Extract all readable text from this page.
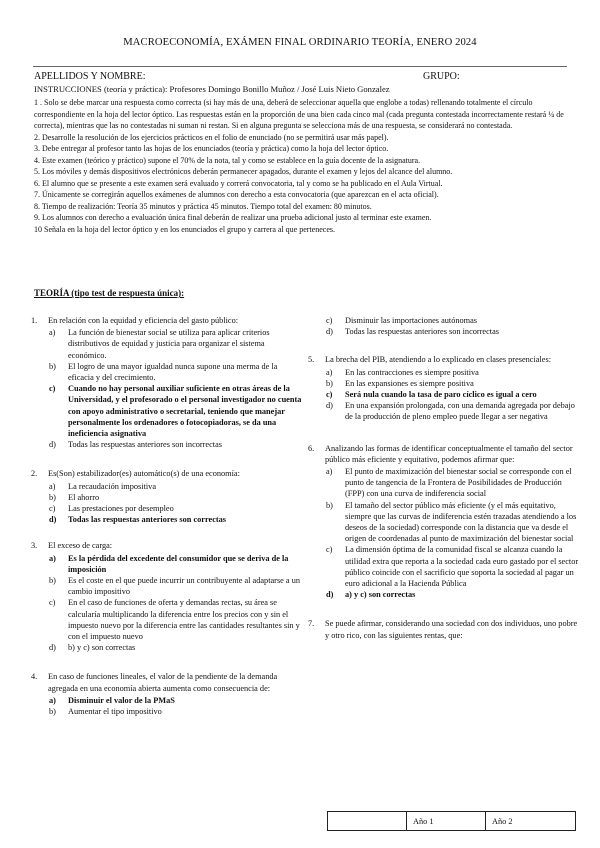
MACROECONOMÍA, EXÁMEN FINAL ORDINARIO TEORÍA, ENERO 2024
APELLIDOS Y NOMBRE:	GRUPO:
INSTRUCCIONES (teoría y práctica): Profesores Domingo Bonillo Muñoz / José Luis Nieto Gonzalez

1 . Solo se debe marcar una respuesta como correcta (si hay más de una, deberá de seleccionar aquella que englobe a todas) rellenando totalmente el círculo correspondiente en la hoja del lector óptico. Las respuestas están en la proporción de una bien cada cinco mal (cada pregunta contestada incorrectamente restará ¼ de correcta), mientras que las no contestadas ni suman ni restan. Si en alguna pregunta se selecciona más de una respuesta, se considerará no contestada.

2. Desarrolle la resolución de los ejercicios prácticos en el folio de enunciado (no se permitirá usar más papel).

3. Debe entregar al profesor tanto las hojas de los enunciados (teoría y práctica) como la hoja del lector óptico.

4. Este examen (teórico y práctico) supone el 70% de la nota, tal y como se establece en la guía docente de la asignatura.

5. Los móviles y demás dispositivos electrónicos deberán permanecer apagados, durante el examen y lejos del alcance del alumno.

6. El alumno que se presente a este examen será evaluado y correrá convocatoria, tal y como se ha publicado en el Aula Virtual.

7. Únicamente se corregirán aquellos exámenes de alumnos con derecho a esta convocatoria (que aparezcan en el acta oficial).

8. Tiempo de realización: Teoría 35 minutos y práctica 45 minutos. Tiempo total del examen: 80 minutos.

9. Los alumnos con derecho a evaluación única final deberán de realizar una prueba adicional justo al terminar este examen.

10 Señala en la hoja del lector óptico y en los enunciados el grupo y carrera al que perteneces.

TEORÍA (tipo test de respuesta única):
1. En relación con la equidad y eficiencia del gasto público:
a) La función de bienestar social se utiliza para aplicar criterios distributivos de equidad y justicia para organizar el sistema económico.
b) El logro de una mayor igualdad nunca supone una merma de la eficacia y del crecimiento.
c) Cuando no hay personal auxiliar suficiente en otras áreas de la Universidad, y el profesorado o el personal investigador no cuenta con apoyo administrativo o secretarial, teniendo que manejar personalmente los ordenadores o fotocopiadoras, se da una ineficiencia asignativa
d) Todas las respuestas anteriores son incorrectas
2. Es(Son) estabilizador(es) automático(s) de una economía:
a) La recaudación impositiva
b) El ahorro
c) Las prestaciones por desempleo
d) Todas las respuestas anteriores son correctas
3. El exceso de carga:
a) Es la pérdida del excedente del consumidor que se deriva de la imposición
b) Es el coste en el que puede incurrir un contribuyente al adaptarse a un cambio impositivo
c) En el caso de funciones de oferta y demandas rectas, su área se calcularía multiplicando la diferencia entre los precios con y sin el impuesto nuevo por la diferencia entre las cantidades resultantes sin y con el impuesto nuevo
d) b) y c) son correctas
4. En caso de funciones lineales, el valor de la pendiente de la demanda agregada en una economía abierta aumenta como consecuencia de:
a) Disminuir el valor de la PMaS
b) Aumentar el tipo impositivo
c) Disminuir las importaciones autónomas
d) Todas las respuestas anteriores son incorrectas
5. La brecha del PIB, atendiendo a lo explicado en clases presenciales:
a) En las contracciones es siempre positiva
b) En las expansiones es siempre positiva
c) Será nula cuando la tasa de paro cíclico es igual a cero
d) En una expansión prolongada, con una demanda agregada por debajo de la producción de pleno empleo puede llegar a ser negativa
6. Analizando las formas de identificar conceptualmente el tamaño del sector público más eficiente y equitativo, podemos afirmar que:
a) El punto de maximización del bienestar social se corresponde con el punto de tangencia de la Frontera de Posibilidades de Producción (FPP) con una curva de indiferencia social
b) El tamaño del sector público más eficiente (y el más equitativo, siempre que las curvas de indiferencia estén trazadas atendiendo a los deseos de la sociedad) corresponde con la distancia que va desde el origen de coordenadas al punto de maximización del bienestar social
c) La dimensión óptima de la comunidad fiscal se alcanza cuando la utilidad extra que reporta a la sociedad cada euro gastado por el sector público coincide con el sacrificio que soporta la sociedad al pagar un euro adicional a la Hacienda Pública
d) a) y c) son correctas
7. Se puede afirmar, considerando una sociedad con dos individuos, uno pobre y otro rico, con las siguientes rentas, que:
	Año 1	Año 2
